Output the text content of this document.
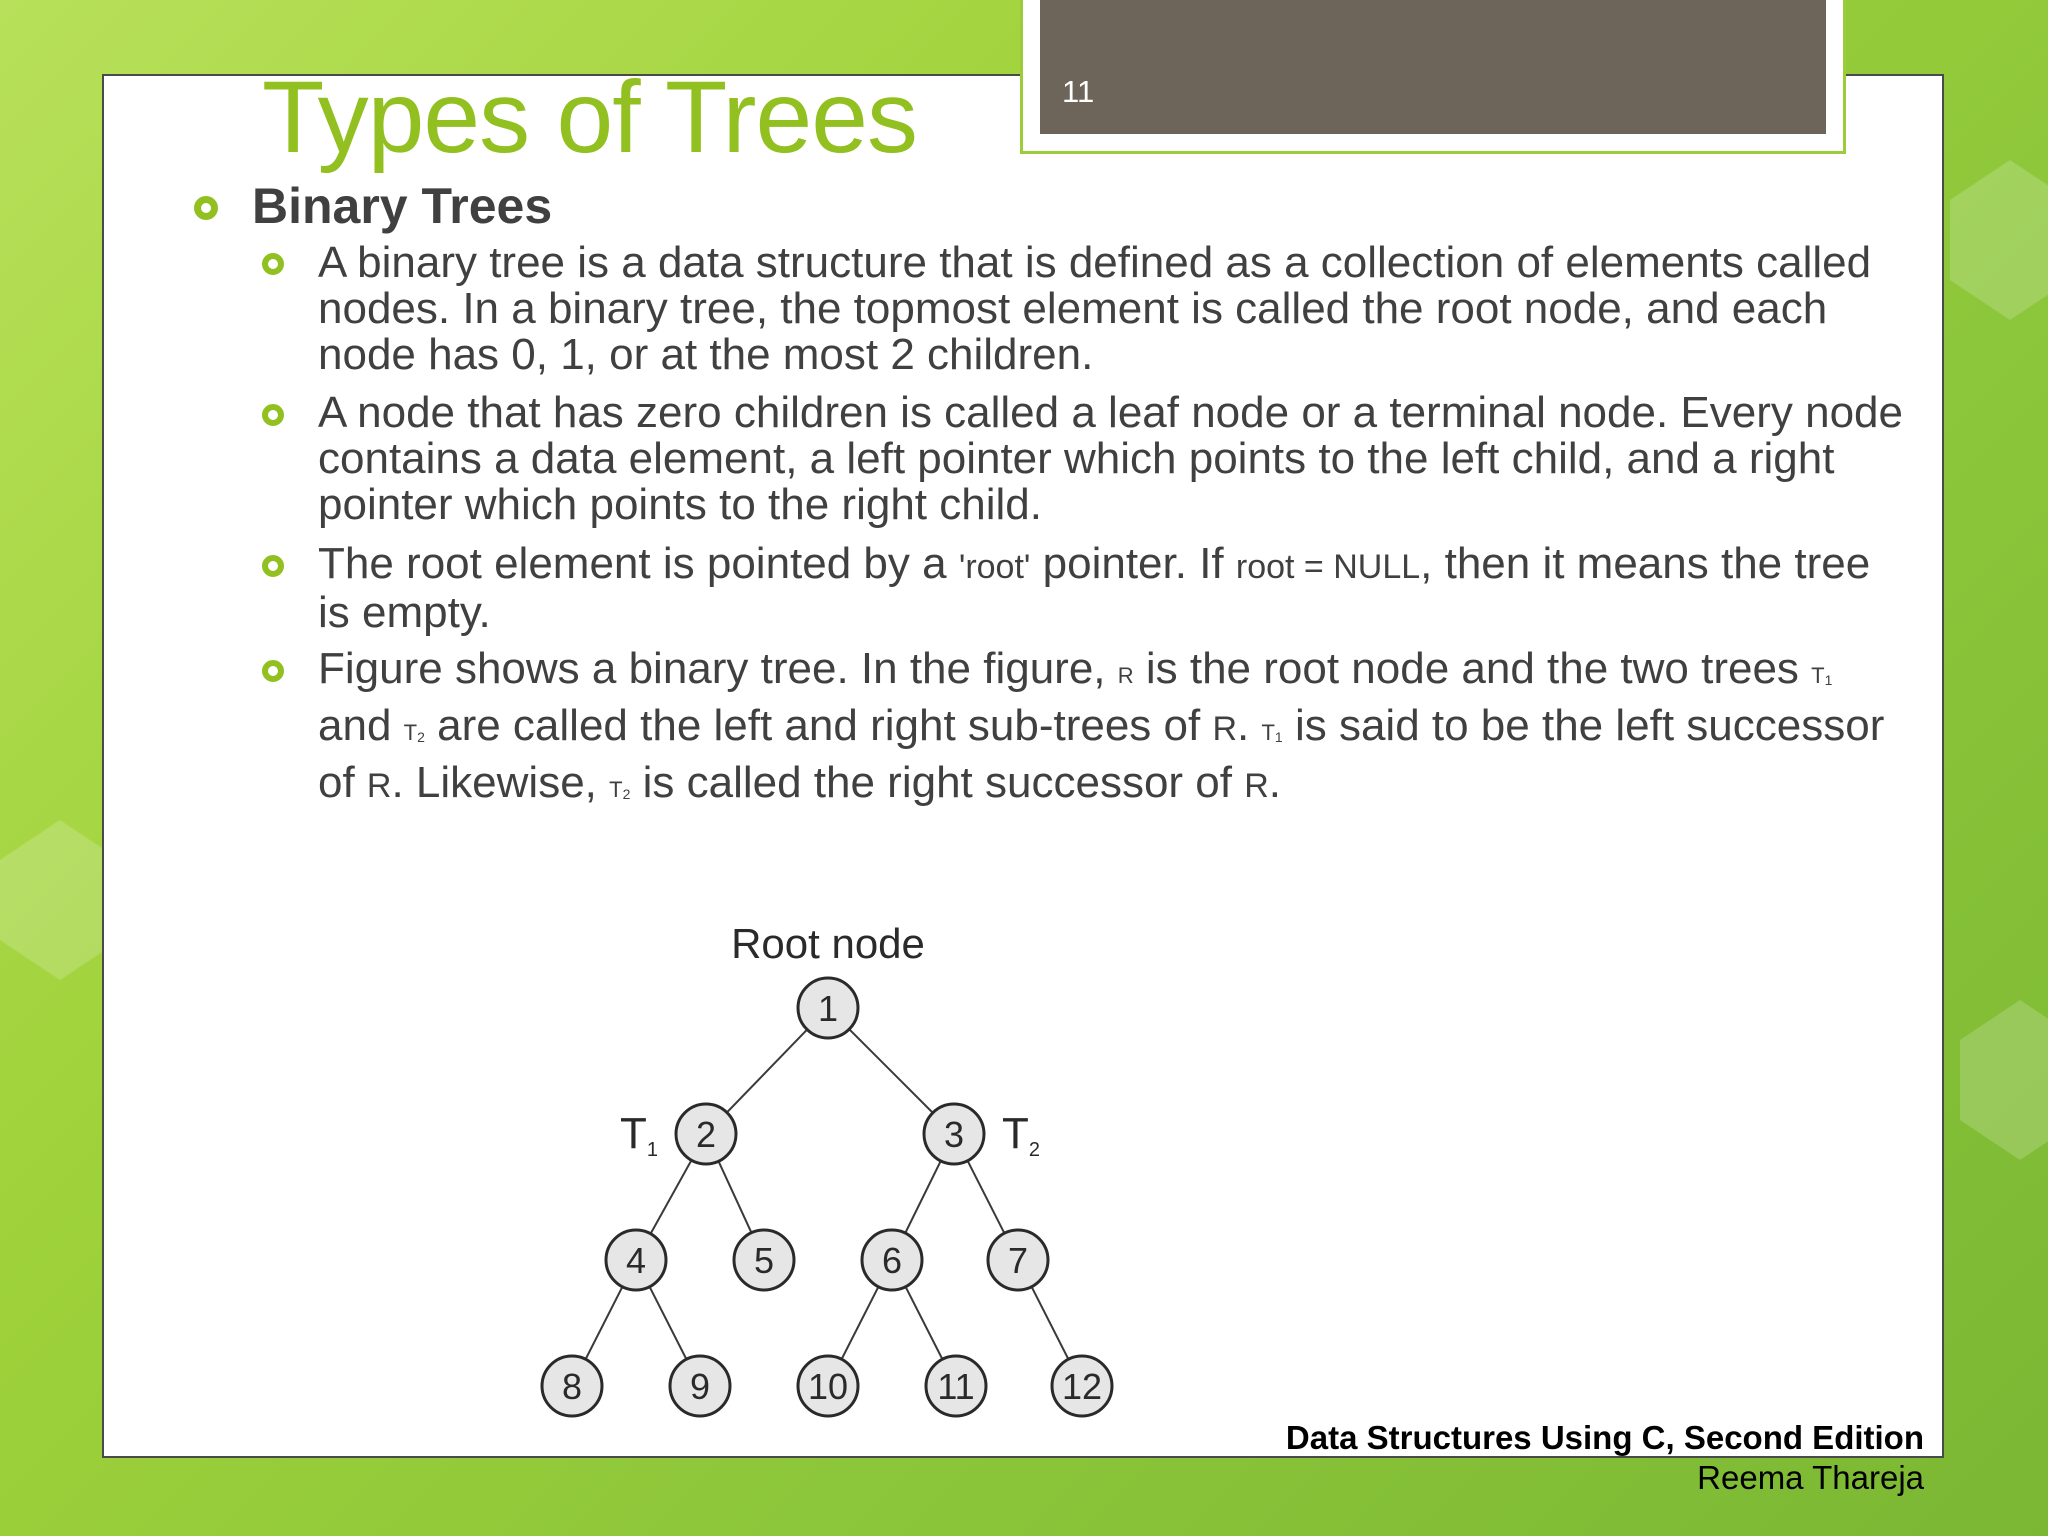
11
Types of Trees
Binary Trees

A binary tree is a data structure that is defined as a collection of elements called nodes. In a binary tree, the topmost element is called the root node, and each node has 0, 1, or at the most 2 children.

A node that has zero children is called a leaf node or a terminal node. Every node contains a data element, a left pointer which points to the left child, and a right pointer which points to the right child.

The root element is pointed by a 'root' pointer. If root = NULL, then it means the tree is empty.

Figure shows a binary tree. In the figure, R is the root node and the two trees T1 and T2 are called the left and right sub-trees of R. T1 is said to be the left successor of R. Likewise, T2 is called the right successor of R.

Root node
T1	T2
1
2	3
4	5	6	7
8	9	10 11 12
Data Structures Using C, Second Edition
Reema Thareja
